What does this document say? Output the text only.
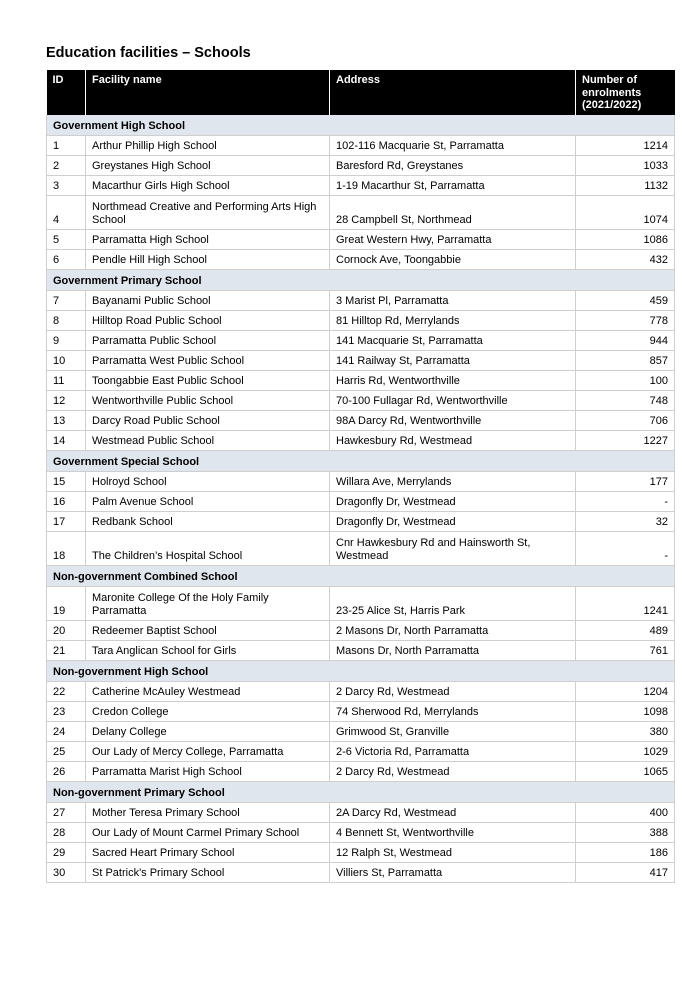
Education facilities – Schools
ID	Facility name	Address	Number of enrolments (2021/2022)
Government High School			
1	Arthur Phillip High School	102-116 Macquarie St, Parramatta	1214
2	Greystanes High School	Baresford Rd, Greystanes	1033
3	Macarthur Girls High School	1-19 Macarthur St, Parramatta	1132
4	Northmead Creative and Performing Arts High School	28 Campbell St, Northmead	1074
5	Parramatta High School	Great Western Hwy, Parramatta	1086
6	Pendle Hill High School	Cornock Ave, Toongabbie	432
Government Primary School			
7	Bayanami Public School	3 Marist Pl, Parramatta	459
8	Hilltop Road Public School	81 Hilltop Rd, Merrylands	778
9	Parramatta Public School	141 Macquarie St, Parramatta	944
10	Parramatta West Public School	141 Railway St, Parramatta	857
11	Toongabbie East Public School	Harris Rd, Wentworthville	100
12	Wentworthville Public School	70-100 Fullagar Rd, Wentworthville	748
13	Darcy Road Public School	98A Darcy Rd, Wentworthville	706
14	Westmead Public School	Hawkesbury Rd, Westmead	1227
Government Special School			
15	Holroyd School	Willara Ave, Merrylands	177
16	Palm Avenue School	Dragonfly Dr, Westmead	-
17	Redbank School	Dragonfly Dr, Westmead	32
18	The Children’s Hospital School	Cnr Hawkesbury Rd and Hainsworth St, Westmead	-
Non-government Combined School			
19	Maronite College Of the Holy Family Parramatta	23-25 Alice St, Harris Park	1241
20	Redeemer Baptist School	2 Masons Dr, North Parramatta	489
21	Tara Anglican School for Girls	Masons Dr, North Parramatta	761
Non-government High School			
22	Catherine McAuley Westmead	2 Darcy Rd, Westmead	1204
23	Credon College	74 Sherwood Rd, Merrylands	1098
24	Delany College	Grimwood St, Granville	380
25	Our Lady of Mercy College, Parramatta	2-6 Victoria Rd, Parramatta	1029
26	Parramatta Marist High School	2 Darcy Rd, Westmead	1065
Non-government Primary School			
27	Mother Teresa Primary School	2A Darcy Rd, Westmead	400
28	Our Lady of Mount Carmel Primary School	4 Bennett St, Wentworthville	388
29	Sacred Heart Primary School	12 Ralph St, Westmead	186
30	St Patrick's Primary School	Villiers St, Parramatta	417
